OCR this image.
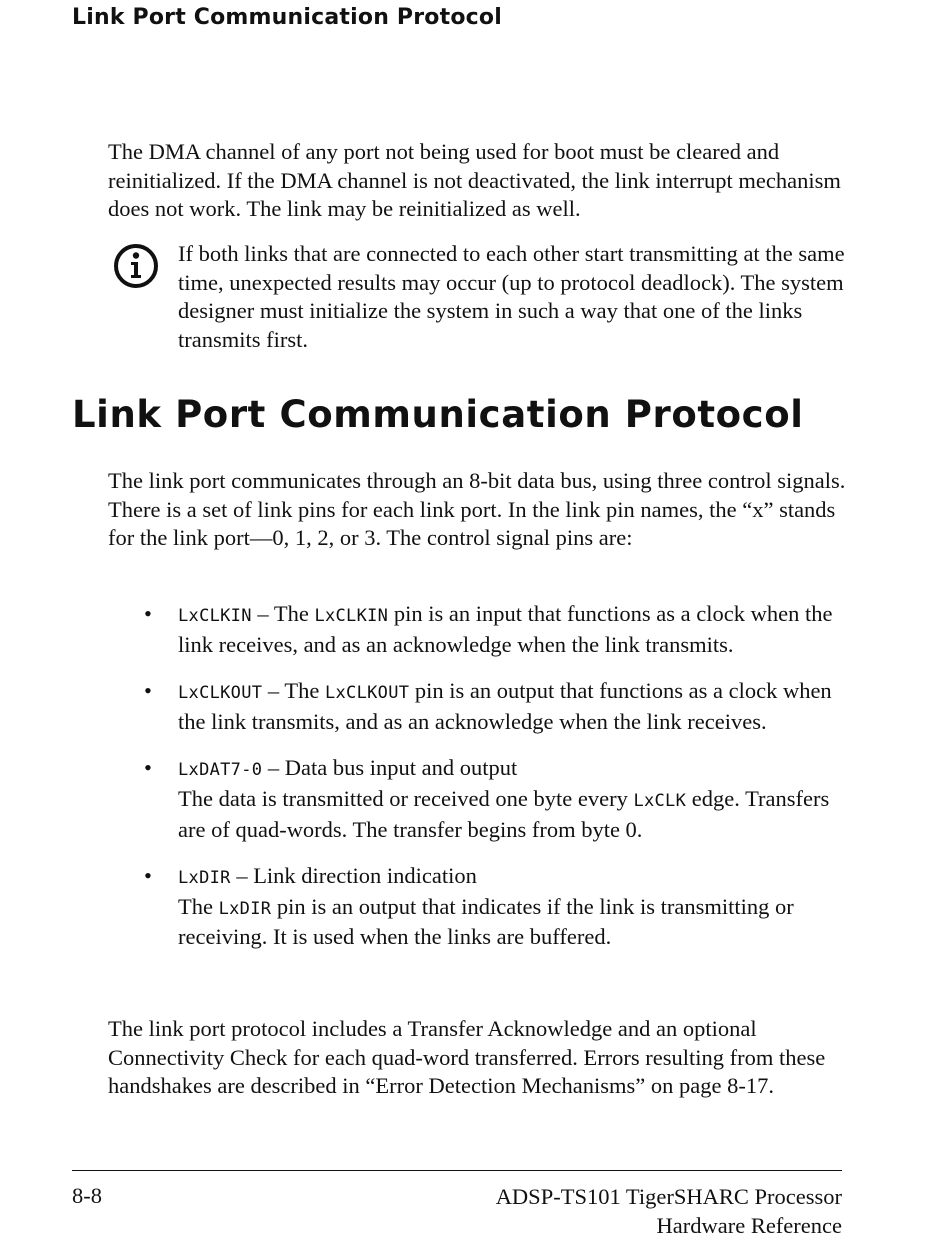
Link Port Communication Protocol

The DMA channel of any port not being used for boot must be cleared and reinitialized. If the DMA channel is not deactivated, the link interrupt mechanism does not work. The link may be reinitialized as well.

If both links that are connected to each other start transmitting at the same time, unexpected results may occur (up to protocol deadlock). The system designer must initialize the system in such a way that one of the links transmits first.

Link Port Communication Protocol

The link port communicates through an 8-bit data bus, using three control signals. There is a set of link pins for each link port. In the link pin names, the “x” stands for the link port—0, 1, 2, or 3. The control signal pins are:

• LxCLKIN – The LxCLKIN pin is an input that functions as a clock when the link receives, and as an acknowledge when the link transmits.
• LxCLKOUT – The LxCLKOUT pin is an output that functions as a clock when the link transmits, and as an acknowledge when the link receives.
• LxDAT7-0 – Data bus input and output
The data is transmitted or received one byte every LxCLK edge. Transfers are of quad-words. The transfer begins from byte 0.
• LxDIR – Link direction indication
The LxDIR pin is an output that indicates if the link is transmitting or receiving. It is used when the links are buffered.

The link port protocol includes a Transfer Acknowledge and an optional Connectivity Check for each quad-word transferred. Errors resulting from these handshakes are described in “Error Detection Mechanisms” on page 8-17.

8-8	ADSP-TS101 TigerSHARC Processor
Hardware Reference
